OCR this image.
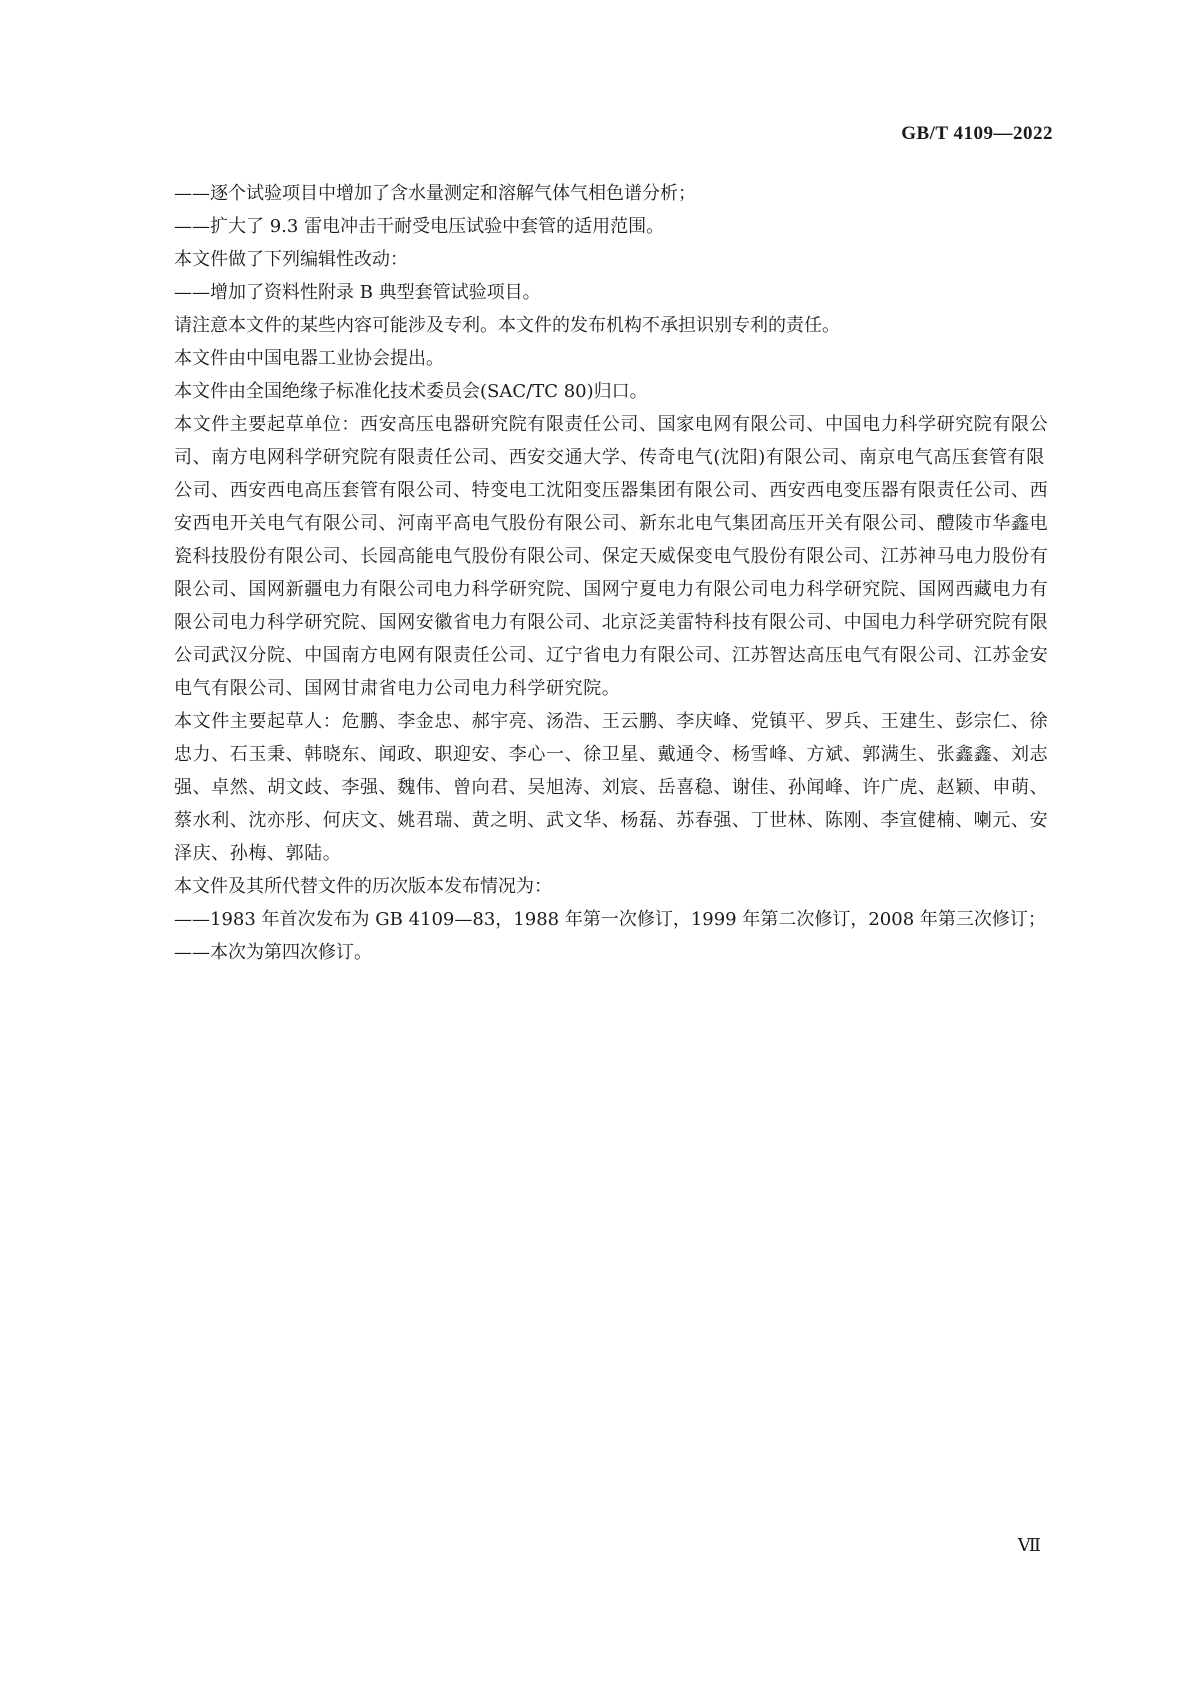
GB/T 4109—2022

——逐个试验项目中增加了含水量测定和溶解气体气相色谱分析；

——扩大了 9.3 雷电冲击干耐受电压试验中套管的适用范围。

本文件做了下列编辑性改动：

——增加了资料性附录 B 典型套管试验项目。

请注意本文件的某些内容可能涉及专利。本文件的发布机构不承担识别专利的责任。

本文件由中国电器工业协会提出。

本文件由全国绝缘子标准化技术委员会(SAC/TC 80)归口。

本文件主要起草单位：西安高压电器研究院有限责任公司、国家电网有限公司、中国电力科学研究院有限公司、南方电网科学研究院有限责任公司、西安交通大学、传奇电气(沈阳)有限公司、南京电气高压套管有限公司、西安西电高压套管有限公司、特变电工沈阳变压器集团有限公司、西安西电变压器有限责任公司、西安西电开关电气有限公司、河南平高电气股份有限公司、新东北电气集团高压开关有限公司、醴陵市华鑫电瓷科技股份有限公司、长园高能电气股份有限公司、保定天威保变电气股份有限公司、江苏神马电力股份有限公司、国网新疆电力有限公司电力科学研究院、国网宁夏电力有限公司电力科学研究院、国网西藏电力有限公司电力科学研究院、国网安徽省电力有限公司、北京泛美雷特科技有限公司、中国电力科学研究院有限公司武汉分院、中国南方电网有限责任公司、辽宁省电力有限公司、江苏智达高压电气有限公司、江苏金安电气有限公司、国网甘肃省电力公司电力科学研究院。

本文件主要起草人：危鹏、李金忠、郝宇亮、汤浩、王云鹏、李庆峰、党镇平、罗兵、王建生、彭宗仁、徐忠力、石玉秉、韩晓东、闻政、职迎安、李心一、徐卫星、戴通令、杨雪峰、方斌、郭满生、张鑫鑫、刘志强、卓然、胡文歧、李强、魏伟、曾向君、吴旭涛、刘宸、岳喜稳、谢佳、孙闻峰、许广虎、赵颖、申萌、蔡水利、沈亦彤、何庆文、姚君瑞、黄之明、武文华、杨磊、苏春强、丁世林、陈刚、李宣健楠、喇元、安泽庆、孙梅、郭陆。

本文件及其所代替文件的历次版本发布情况为：

—— 1983 年首次发布为 GB 4109—83，1988 年第一次修订，1999 年第二次修订，2008 年第三次修订；
—— 本次为第四次修订。
Ⅶ
